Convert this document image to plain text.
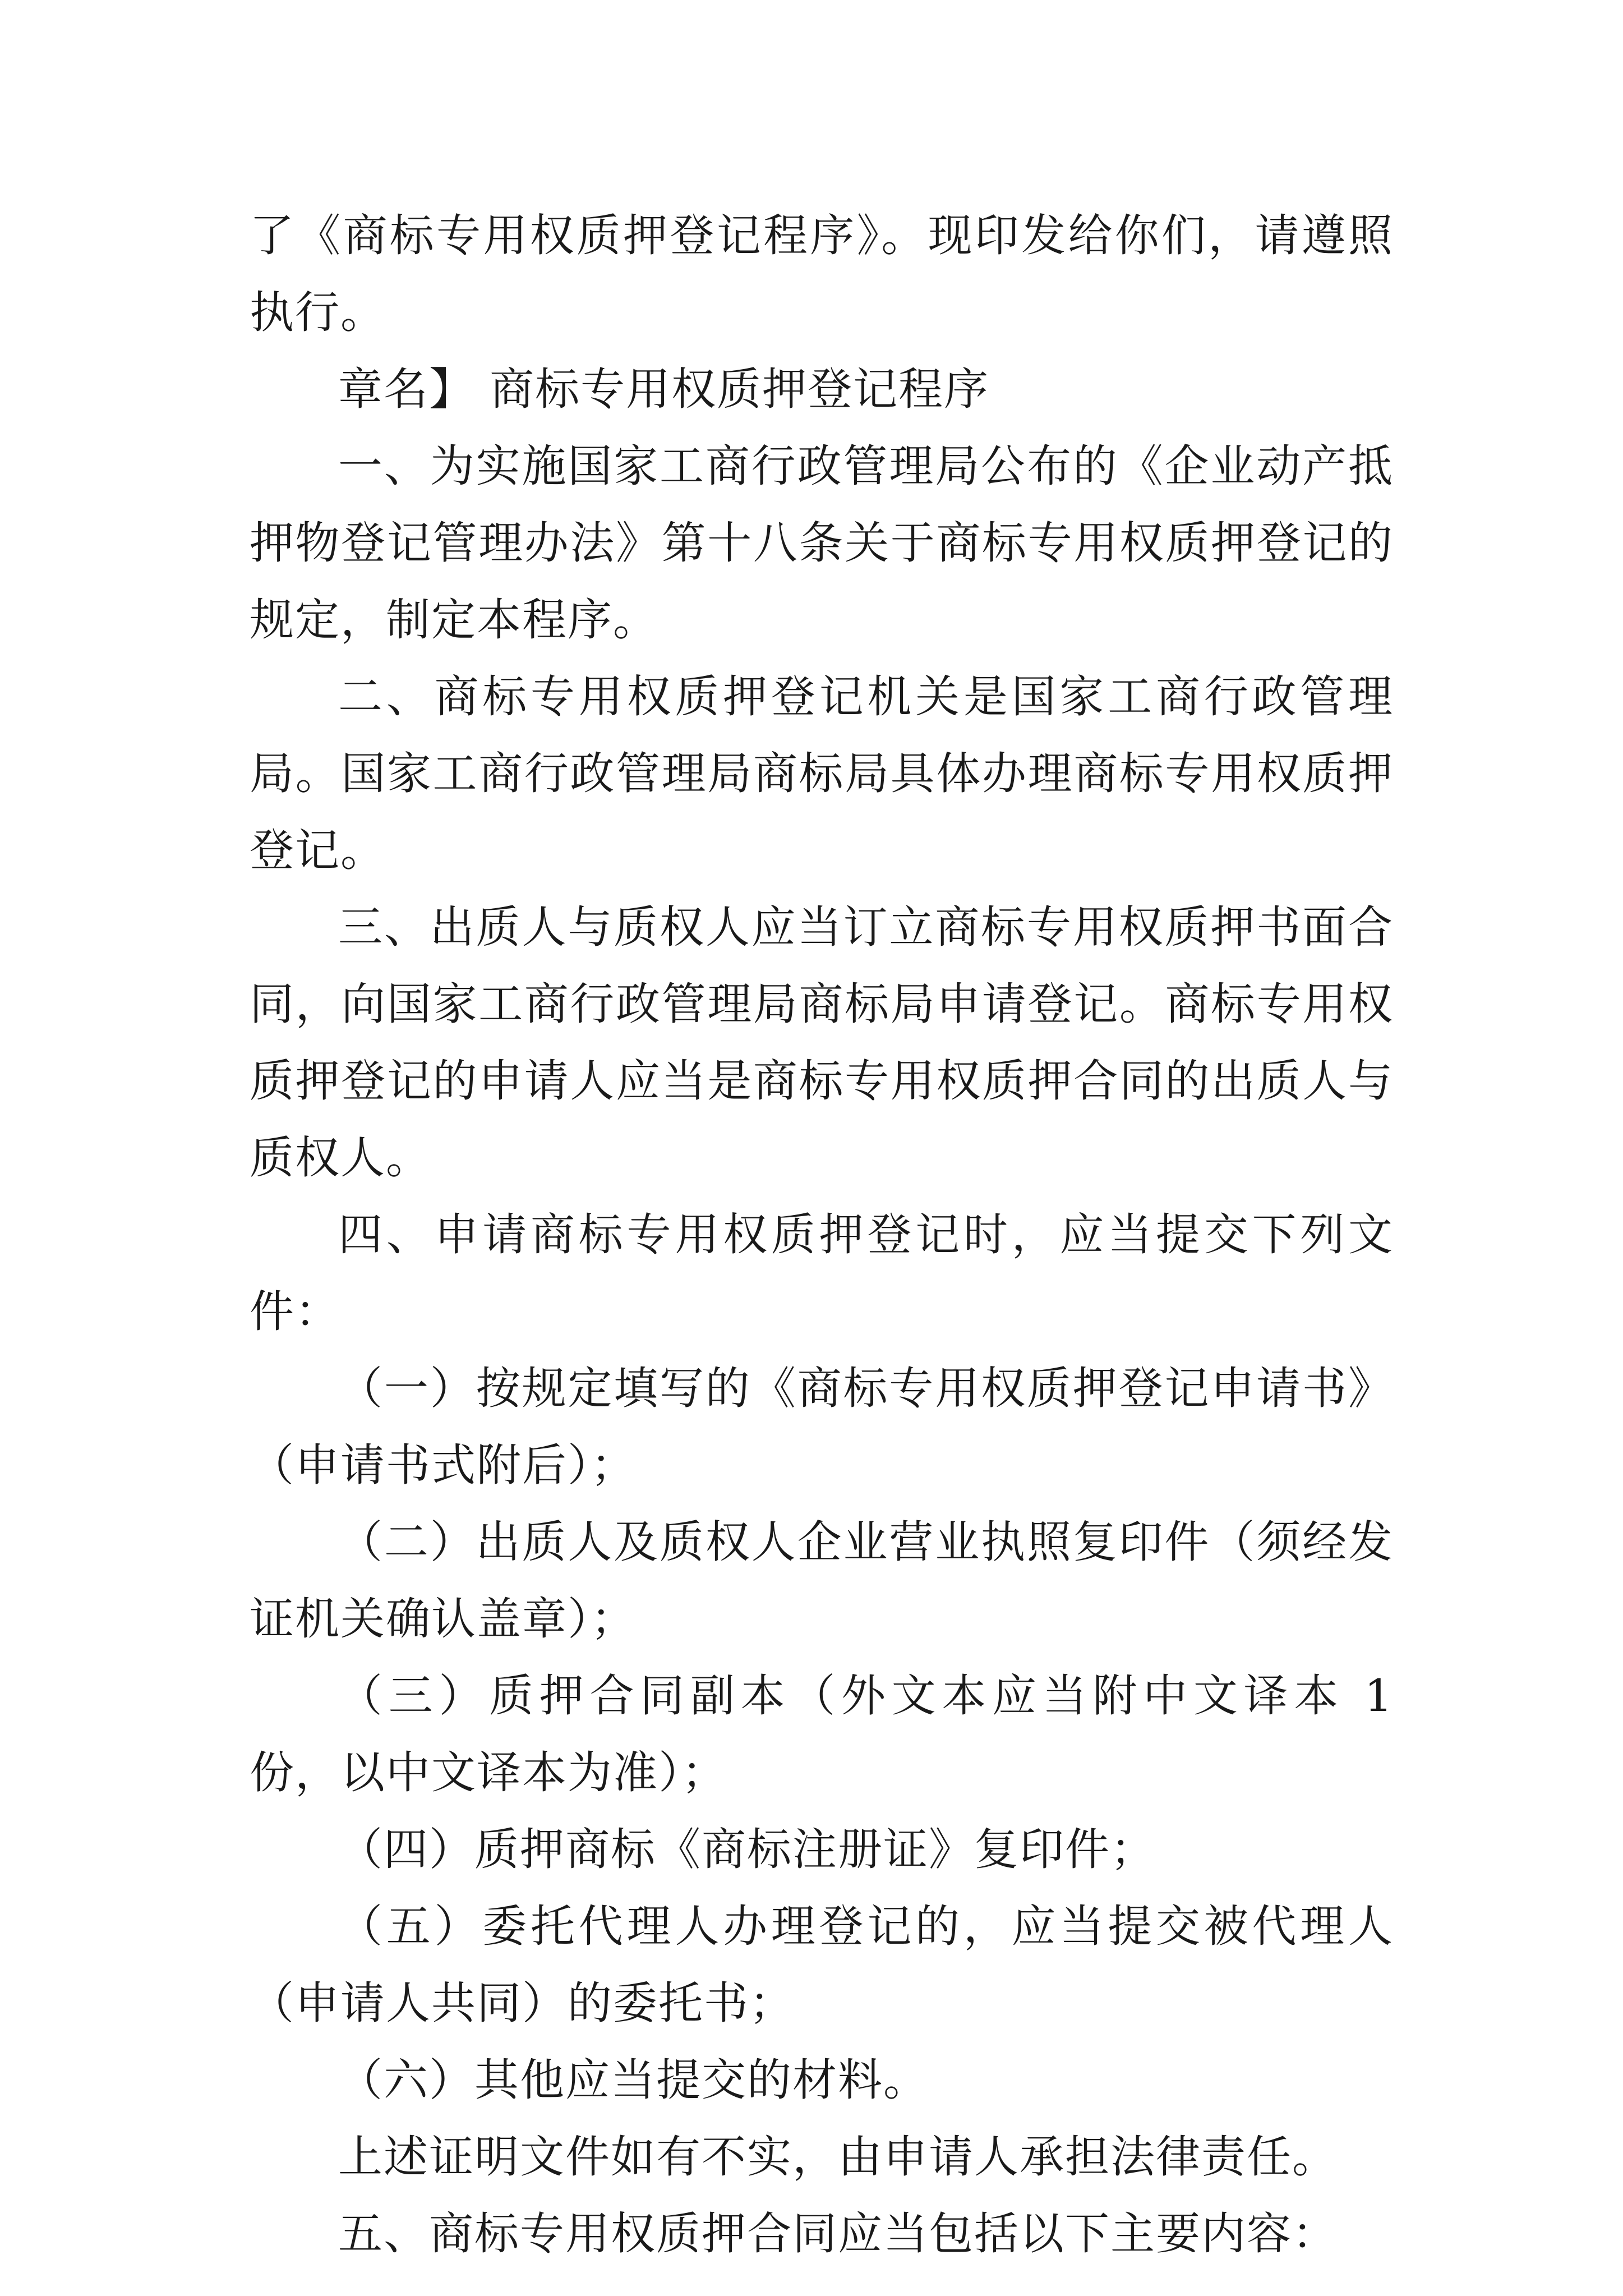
了《商标专用权质押登记程序》。现印发给你们，请遵照执行。

章名】 商标专用权质押登记程序

一、为实施国家工商行政管理局公布的《企业动产抵押物登记管理办法》第十八条关于商标专用权质押登记的规定，制定本程序。

二、商标专用权质押登记机关是国家工商行政管理局。国家工商行政管理局商标局具体办理商标专用权质押登记。

三、出质人与质权人应当订立商标专用权质押书面合同，向国家工商行政管理局商标局申请登记。商标专用权质押登记的申请人应当是商标专用权质押合同的出质人与质权人。

四、申请商标专用权质押登记时，应当提交下列文件：

（一）按规定填写的《商标专用权质押登记申请书》（申请书式附后）；

（二）出质人及质权人企业营业执照复印件（须经发证机关确认盖章）；

（三）质押合同副本（外文本应当附中文译本 1 份，以中文译本为准）；

（四）质押商标《商标注册证》复印件；

（五）委托代理人办理登记的，应当提交被代理人（申请人共同）的委托书；

（六）其他应当提交的材料。

上述证明文件如有不实，由申请人承担法律责任。

五、商标专用权质押合同应当包括以下主要内容：
